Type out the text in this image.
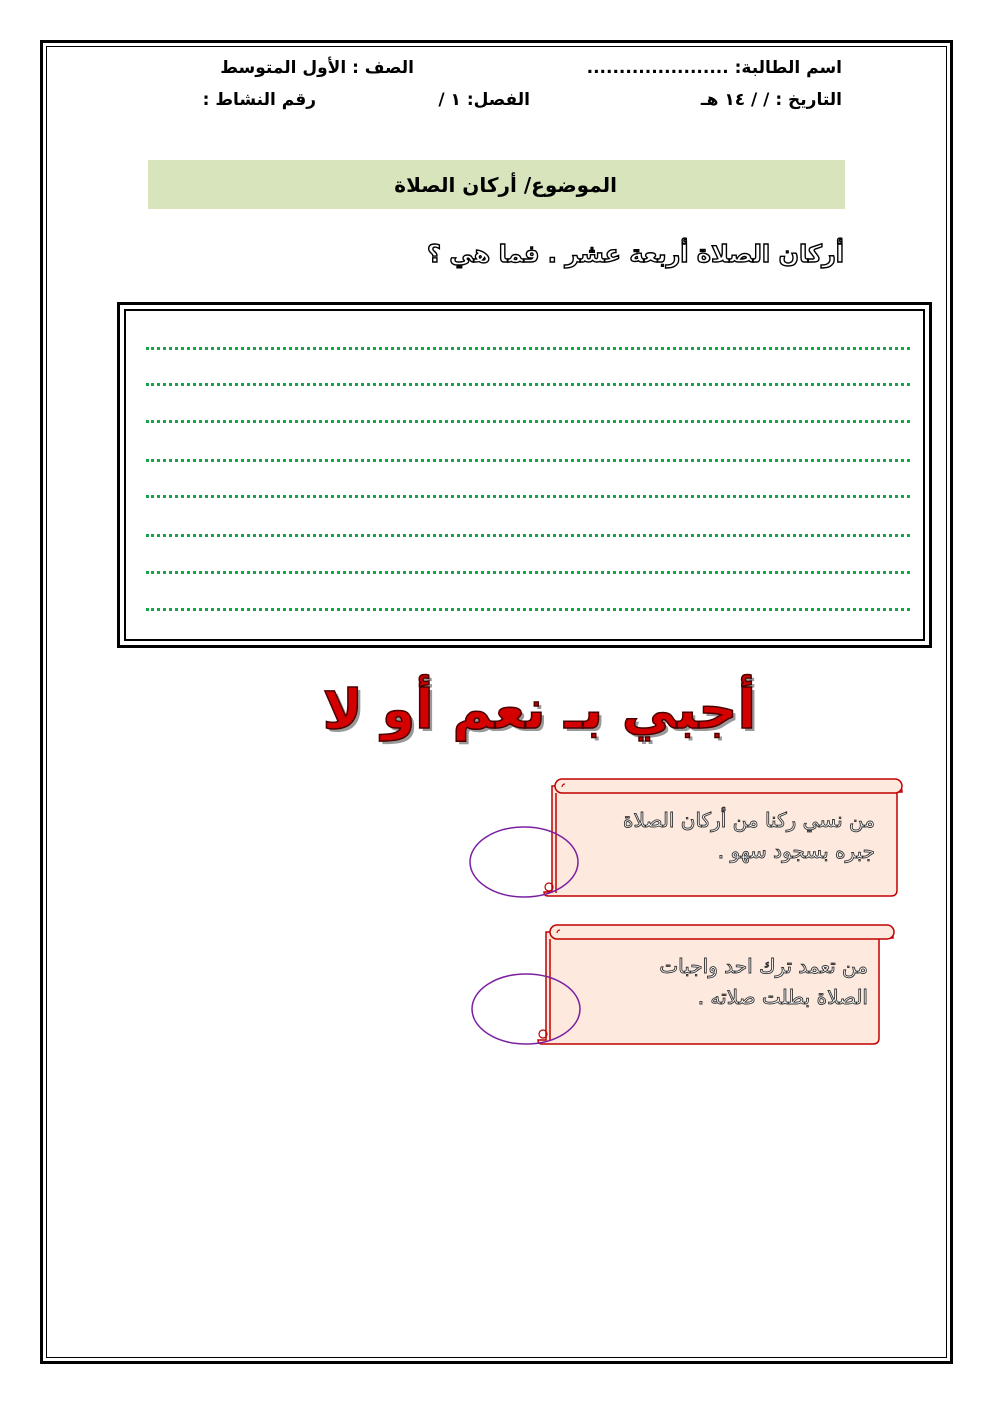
اسم الطالبة: ......................
الصف : الأول المتوسط
التاريخ : / / ١٤ هـ
الفصل: ١ /
رقم النشاط :
الموضوع/ أركان الصلاة
أركان الصلاة أربعة عشر . فما هي ؟
أجبي بـ نعم أو لا
من نسي ركنا من أركان الصلاة
جبره بسجود سهو .
من تعمد ترك احد واجبات
الصلاة بطلت صلاته .
